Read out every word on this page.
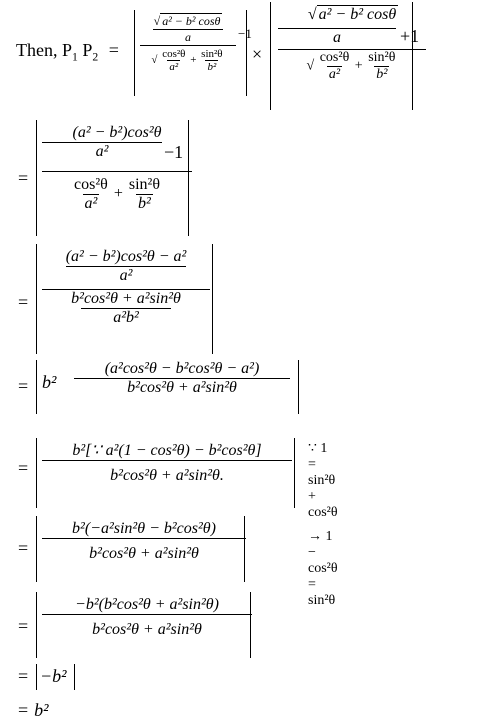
Then, $P_1$ $P_2$ =
√ a² − b² cosθ
a	−1
√ $\frac{\text{cos²θ}}{\text{a²}} + \frac{\text{sin²θ}}{\text{b²}}$ ×
√ a² − b² cosθ
+1
a
√ $\frac{\text{cos²θ}}{\text{a²}} + \frac{\text{sin²θ}}{\text{b²}}$
=
(a² − b²)cos²θ
a²	−1
$\frac{\text{cos²θ}}{\text{a²}} + \frac{\text{sin²θ}}{\text{b²}}$
=
(a² − b²)cos²θ − a²
a²
b²cos²θ + a²sin²θ
a²b²
= b²
(a²cos²θ − b²cos²θ − a²)
b²cos²θ + a²sin²θ
=
b²[∵ a²(1 − cos²θ) − b²cos²θ]
b²cos²θ + a²sin²θ.
∵ 1 = sin²θ + cos²θ
→ 1 − cos²θ = sin²θ
=
b²(−a²sin²θ − b²cos²θ)
b²cos²θ + a²sin²θ
=
−b²(b²cos²θ + a²sin²θ)
b²cos²θ + a²sin²θ
= −b²
= b²
